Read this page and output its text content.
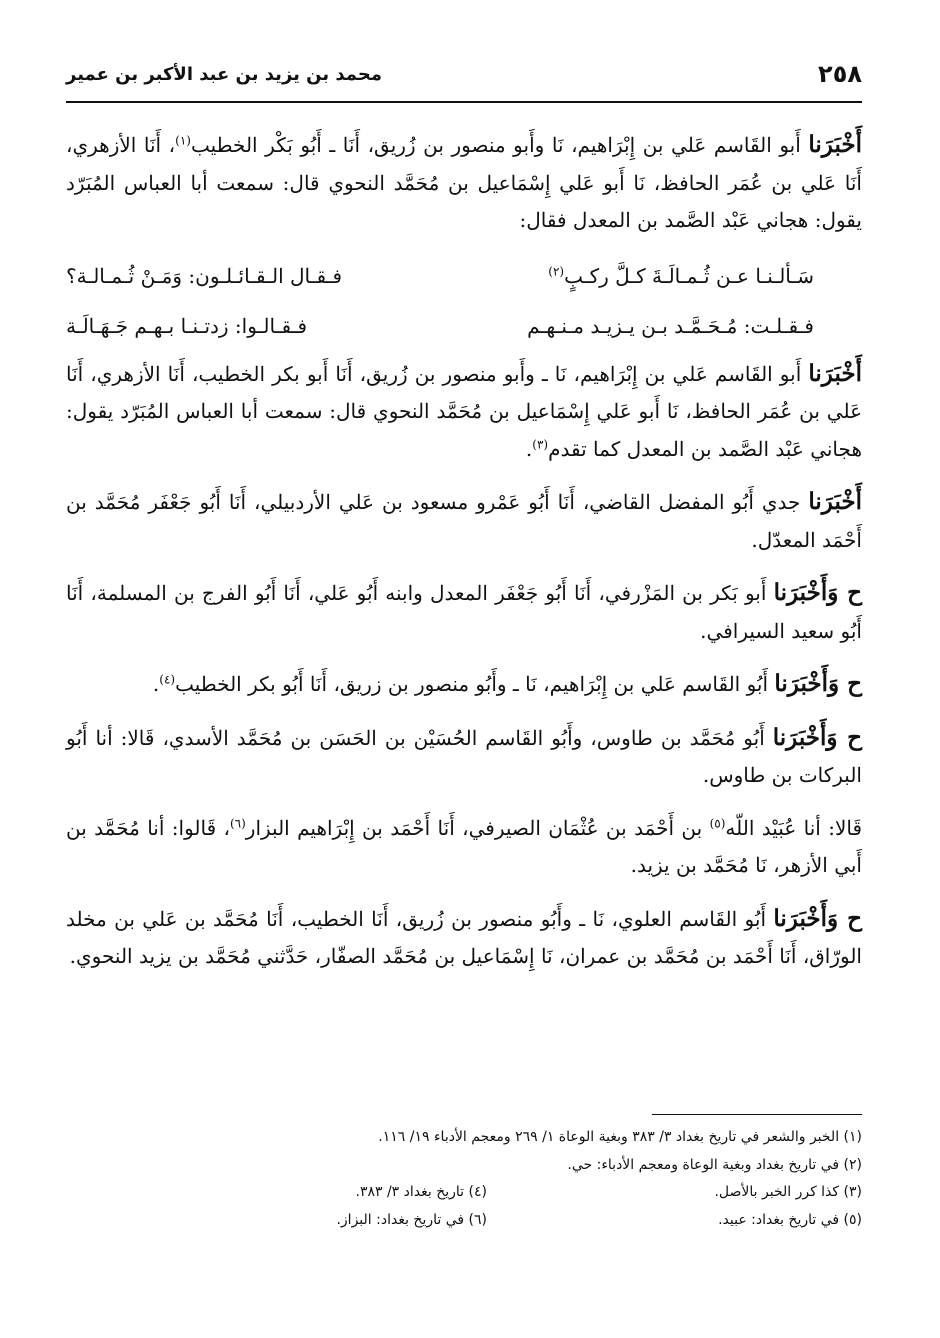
٢٥٨
محمد بن يزيد بن عبد الأكبر بن عمير

أَخْبَرَنا أَبو القَاسم عَلي بن إِبْرَاهيم، نَا وأَبو منصور بن زُريق، أَنَا ـ أَبُو بَكْر الخطيب$^{(١)}$، أَنَا الأزهري، أَنَا عَلي بن عُمَر الحافظ، نَا أَبو عَلي إِسْمَاعيل بن مُحَمَّد النحوي قال: سمعت أبا العباس المُبَرّد يقول: هجاني عَبْد الصَّمد بن المعدل فقال:

سَـألـنـا عـن ثُـمـالَـةَ كـلَّ ركـبٍ$^{(٢)}$
فـقـال الـقـائـلـون: وَمَـنْ ثُـمـالـة؟
فـقـلـت: مُـحَـمَّـد بـن يـزيـد مـنـهـم
فـقـالـوا: زدتـنـا بـهـم جَـهَـالَـة

أَخْبَرَنا أَبو القَاسم عَلي بن إِبْرَاهيم، نَا ـ وأَبو منصور بن زُريق، أَنَا أَبو بكر الخطيب، أَنَا الأزهري، أَنَا عَلي بن عُمَر الحافظ، نَا أَبو عَلي إِسْمَاعيل بن مُحَمَّد النحوي قال: سمعت أبا العباس المُبَرّد يقول: هجاني عَبْد الصَّمد بن المعدل كما تقدم$^{(٣)}$.

أَخْبَرَنا جدي أَبُو المفضل القاضي، أَنَا أَبُو عَمْرو مسعود بن عَلي الأردبيلي، أَنَا أَبُو جَعْفَر مُحَمَّد بن أَحْمَد المعدّل.

ح وَأَخْبَرَنا أَبو بَكر بن المَزْرفي، أَنَا أَبُو جَعْفَر المعدل وابنه أَبُو عَلي، أَنَا أَبُو الفرج بن المسلمة، أَنَا أَبُو سعيد السيرافي.

ح وَأَخْبَرَنا أَبُو القَاسم عَلي بن إِبْرَاهيم، نَا ـ وأَبُو منصور بن زريق، أَنَا أَبُو بكر الخطيب$^{(٤)}$.

ح وَأَخْبَرَنا أَبُو مُحَمَّد بن طاوس، وأَبُو القَاسم الحُسَيْن بن الحَسَن بن مُحَمَّد الأسدي، قَالا: أنا أَبُو البركات بن طاوس.

قَالا: أنا عُبَيْد اللّه$^{(٥)}$ بن أَحْمَد بن عُثْمَان الصيرفي، أَنَا أَحْمَد بن إِبْرَاهيم البزار$^{(٦)}$، قَالوا: أنا مُحَمَّد بن أَبي الأزهر، نَا مُحَمَّد بن يزيد.

ح وَأَخْبَرَنا أَبُو القَاسم العلوي، نَا ـ وأَبُو منصور بن زُريق، أَنَا الخطيب، أَنَا مُحَمَّد بن عَلي بن مخلد الورّاق، أَنَا أَحْمَد بن مُحَمَّد بن عمران، نَا إِسْمَاعيل بن مُحَمَّد الصفّار، حَدَّثني مُحَمَّد بن يزيد النحوي.

(١) الخبر والشعر في تاريخ بغداد ٣/ ٣٨٣ وبغية الوعاة ١/ ٢٦٩ ومعجم الأدباء ١٩/ ١١٦.
(٢) في تاريخ بغداد وبغية الوعاة ومعجم الأدباء: حي.
(٣) كذا كرر الخبر بالأصل.
(٤) تاريخ بغداد ٣/ ٣٨٣.
(٥) في تاريخ بغداد: عبيد.
(٦) في تاريخ بغداد: البزاز.
